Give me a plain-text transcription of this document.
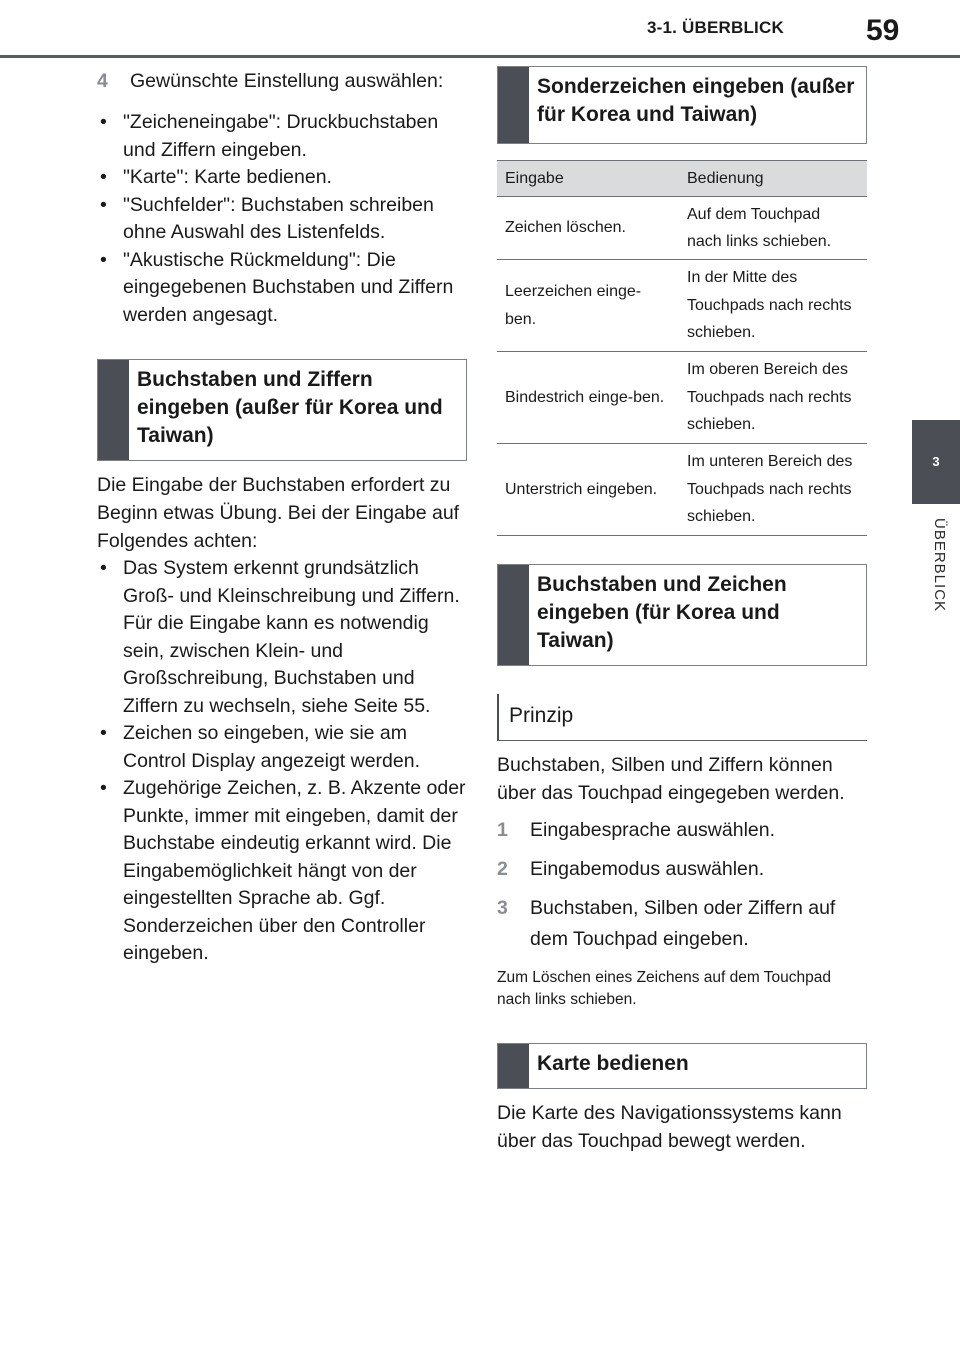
3-1. ÜBERBLICK	59
3
ÜBERBLICK
4	Gewünschte Einstellung auswählen:
• "Zeicheneingabe": Druckbuchstaben und Ziffern eingeben.
• "Karte": Karte bedienen.
• "Suchfelder": Buchstaben schreiben ohne Auswahl des Listenfelds.
• "Akustische Rückmeldung": Die eingegebenen Buchstaben und Ziffern werden angesagt.
Buchstaben und Ziffern eingeben (außer für Korea und Taiwan)
Die Eingabe der Buchstaben erfordert zu Beginn etwas Übung. Bei der Eingabe auf Folgendes achten:
• Das System erkennt grundsätzlich Groß- und Kleinschreibung und Ziffern. Für die Eingabe kann es notwendig sein, zwischen Klein- und Großschreibung, Buchstaben und Ziffern zu wechseln, siehe Seite 55.
• Zeichen so eingeben, wie sie am Control Display angezeigt werden.
• Zugehörige Zeichen, z. B. Akzente oder Punkte, immer mit eingeben, damit der Buchstabe eindeutig erkannt wird. Die Eingabemöglichkeit hängt von der eingestellten Sprache ab. Ggf. Sonderzeichen über den Controller eingeben.
Sonderzeichen eingeben (außer für Korea und Taiwan)
Eingabe	Bedienung
Zeichen löschen.	Auf dem Touchpad nach links schieben.
Leerzeichen einge-ben.	In der Mitte des Touchpads nach rechts schieben.
Bindestrich einge-ben.	Im oberen Bereich des Touchpads nach rechts schieben.
Unterstrich eingeben.	Im unteren Bereich des Touchpads nach rechts schieben.
Buchstaben und Zeichen eingeben (für Korea und Taiwan)
Prinzip
Buchstaben, Silben und Ziffern können über das Touchpad eingegeben werden.
1	Eingabesprache auswählen.
2	Eingabemodus auswählen.
3	Buchstaben, Silben oder Ziffern auf dem Touchpad eingeben.
Zum Löschen eines Zeichens auf dem Touchpad nach links schieben.
Karte bedienen
Die Karte des Navigationssystems kann über das Touchpad bewegt werden.
